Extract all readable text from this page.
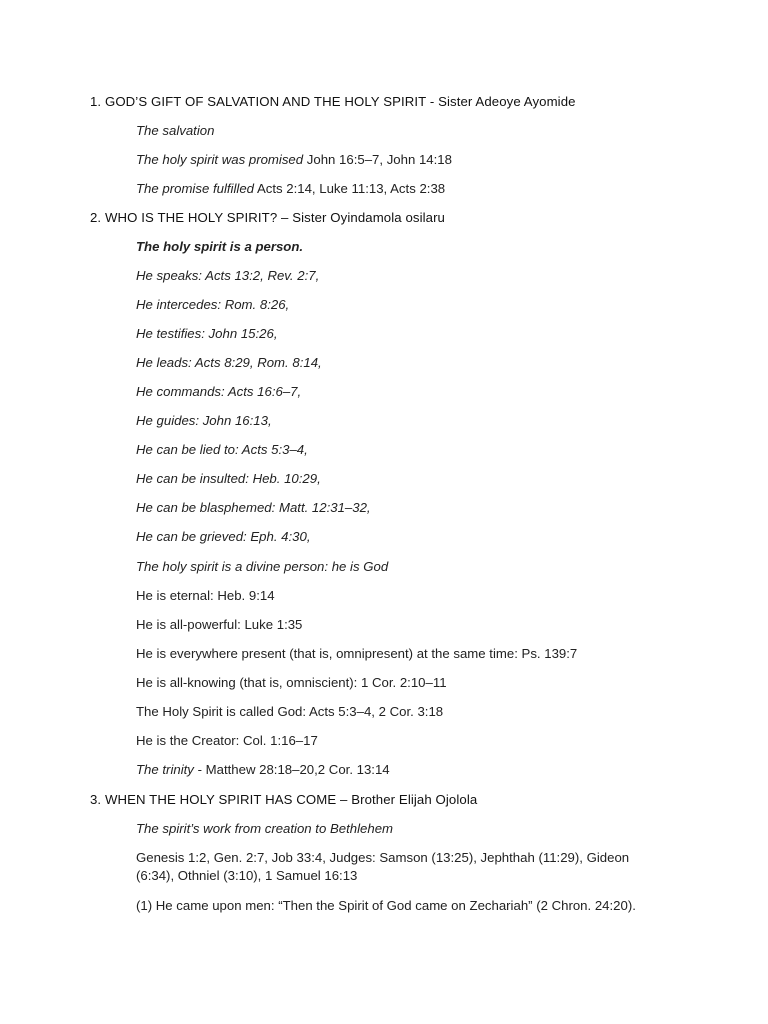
1. GOD’S GIFT OF SALVATION AND THE HOLY SPIRIT - Sister Adeoye Ayomide
The salvation
The holy spirit was promised John 16:5–7, John 14:18
The promise fulfilled Acts 2:14, Luke 11:13, Acts 2:38
2. WHO IS THE HOLY SPIRIT? – Sister Oyindamola osilaru
The holy spirit is a person.
He speaks: Acts 13:2, Rev. 2:7,
He intercedes: Rom. 8:26,
He testifies: John 15:26,
He leads: Acts 8:29, Rom. 8:14,
He commands: Acts 16:6–7,
He guides: John 16:13,
He can be lied to: Acts 5:3–4,
He can be insulted: Heb. 10:29,
He can be blasphemed: Matt. 12:31–32,
He can be grieved: Eph. 4:30,
The holy spirit is a divine person: he is God
He is eternal: Heb. 9:14
He is all-powerful: Luke 1:35
He is everywhere present (that is, omnipresent) at the same time: Ps. 139:7
He is all-knowing (that is, omniscient): 1 Cor. 2:10–11
The Holy Spirit is called God: Acts 5:3–4, 2 Cor. 3:18
He is the Creator: Col. 1:16–17
The trinity - Matthew 28:18–20,2 Cor. 13:14
3. WHEN THE HOLY SPIRIT HAS COME – Brother Elijah Ojolola
The spirit’s work from creation to Bethlehem
Genesis 1:2, Gen. 2:7, Job 33:4, Judges: Samson (13:25), Jephthah (11:29), Gideon (6:34), Othniel (3:10), 1 Samuel 16:13
(1) He came upon men: “Then the Spirit of God came on Zechariah” (2 Chron. 24:20).
